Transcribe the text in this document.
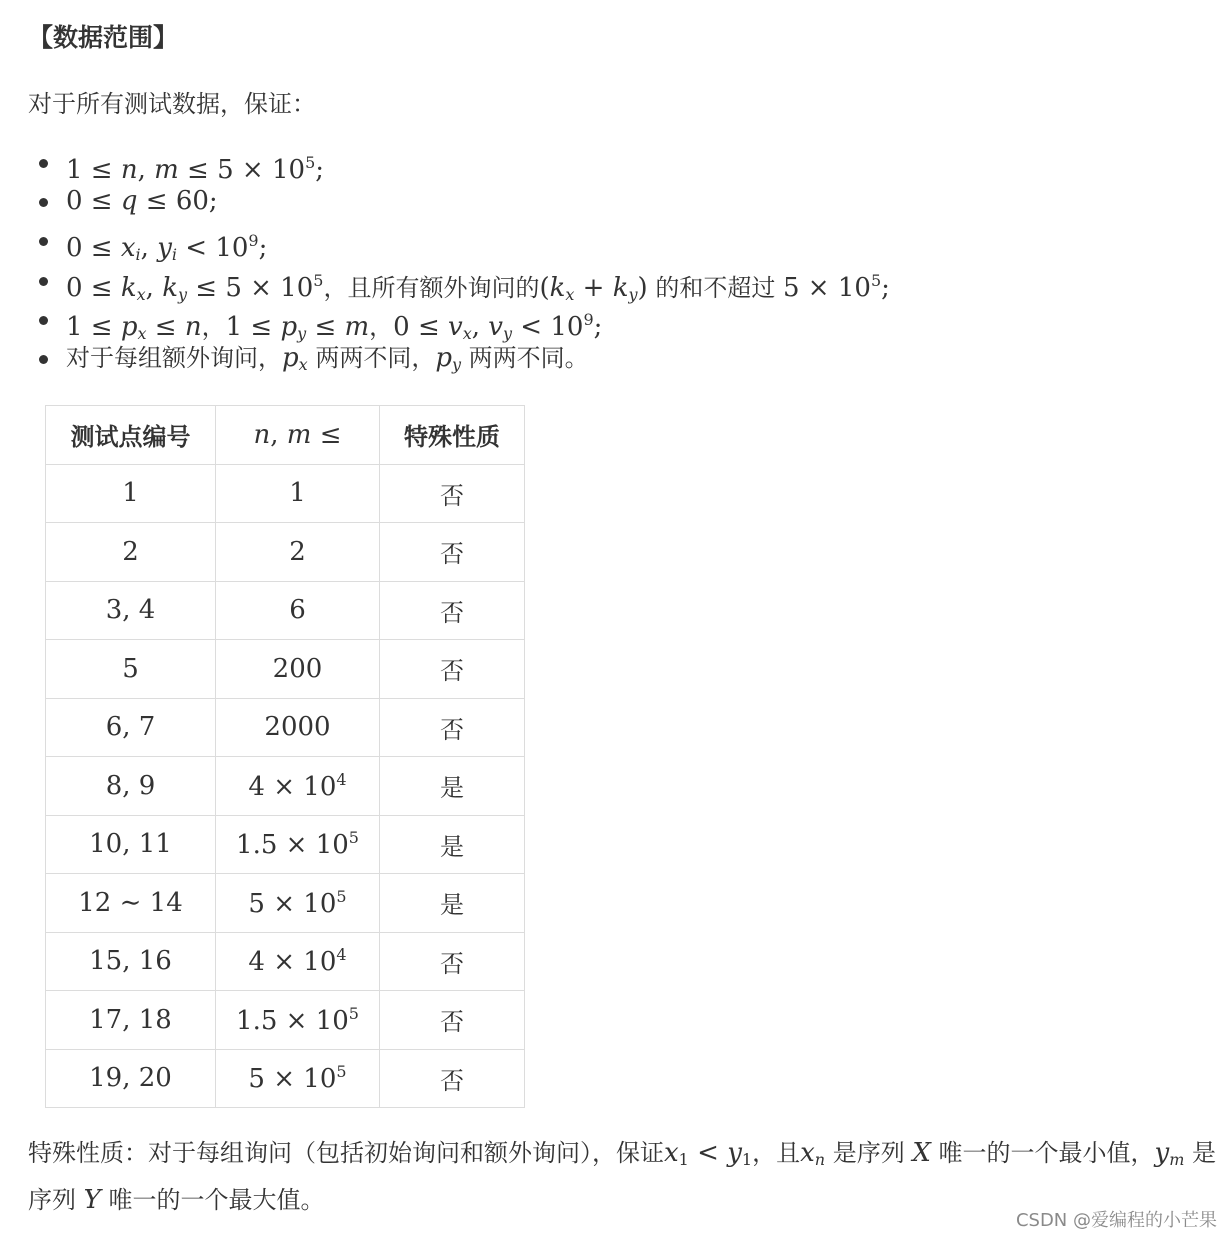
【数据范围】
对于所有测试数据，保证：
1 ≤ n, $m \le 5 \times 10^5$;
0 ≤ q ≤ 60;
$0 \le x_i$, $y_i < 10^9$;
$0 \le k_x$, $k_y \le 5 \times 10^5$，且所有额外询问的$(k_x + k_y)$ 的和不超过 $5 \times 10^5$;
$1 \le p_x \le n$，$1 \le p_y \le m$，$0 \le v_x$, $v_y < 10^9$;
对于每组额外询问，$p_x$ 两两不同，$p_y$ 两两不同。
测试点编号	n, m ≤	特殊性质
1	1	否
2	2	否
3, 4	6	否
5	200	否
6, 7	2000	否
8, 9	$4 \times 10^4$	是
10, 11	$1.5 \times 10^5$	是
12 ∼ 14	$5 \times 10^5$	是
15, 16	$4 \times 10^4$	否
17, 18	$1.5 \times 10^5$	否
19, 20	$5 \times 10^5$	否
特殊性质：对于每组询问（包括初始询问和额外询问），保证$x_1 < y_1$，且$x_n$ 是序列 X 唯一的一个最小值，$y_m$ 是序列 Y 唯一的一个最大值。
CSDN @爱编程的小芒果
